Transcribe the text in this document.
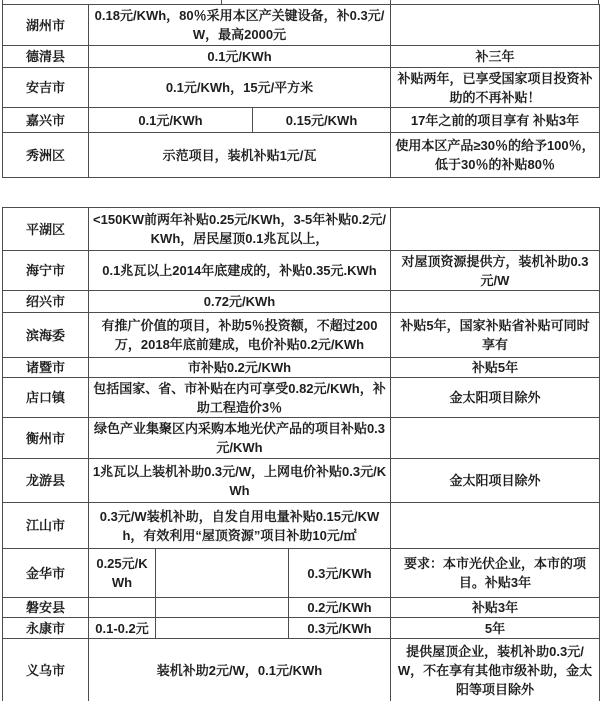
湖州市	0.18元/KWh，80％采用本区产关键设备，补0.3元/W，最高2000元		
德清县	0.1元/KWh		补三年
安吉市	0.1元/KWh，15元/平方米		补贴两年，已享受国家项目投资补助的不再补贴！
嘉兴市	0.1元/KWh	0.15元/KWh	17年之前的项目享有 补贴3年
秀洲区	示范项目，装机补贴1元/瓦		使用本区产品≥30％的给予100％，低于30％的补贴80％
平湖区	<150KW前两年补贴0.25元/KWh，3-5年补贴0.2元/KWh，居民屋顶0.1兆瓦以上，			
海宁市	0.1兆瓦以上2014年底建成的，补贴0.35元.KWh			对屋顶资源提供方，装机补助0.3元/W
绍兴市	0.72元/KWh			
滨海委	有推广价值的项目，补助5％投资额，不超过200万，2018年底前建成，电价补贴0.2元/KWh			补贴5年，国家补贴省补贴可同时享有
诸暨市	市补贴0.2元/KWh			补贴5年
店口镇	包括国家、省、市补贴在内可享受0.82元/KWh，补助工程造价3％			金太阳项目除外
衡州市	绿色产业集聚区内采购本地光伏产品的项目补贴0.3元/KWh			
龙游县	1兆瓦以上装机补助0.3元/W，上网电价补贴0.3元/KWh			金太阳项目除外
江山市	0.3元/W装机补助，自发自用电量补贴0.15元/KWh，有效利用“屋顶资源”项目补助10元/㎡			
金华市	0.25元/KWh		0.3元/KWh	要求：本市光伏企业，本市的项目。补贴3年
磐安县			0.2元/KWh	补贴3年
永康市	0.1-0.2元		0.3元/KWh	5年
义乌市	装机补助2元/W，0.1元/KWh			提供屋顶企业，装机补助0.3元/W，不在享有其他市级补助，金太阳等项目除外
